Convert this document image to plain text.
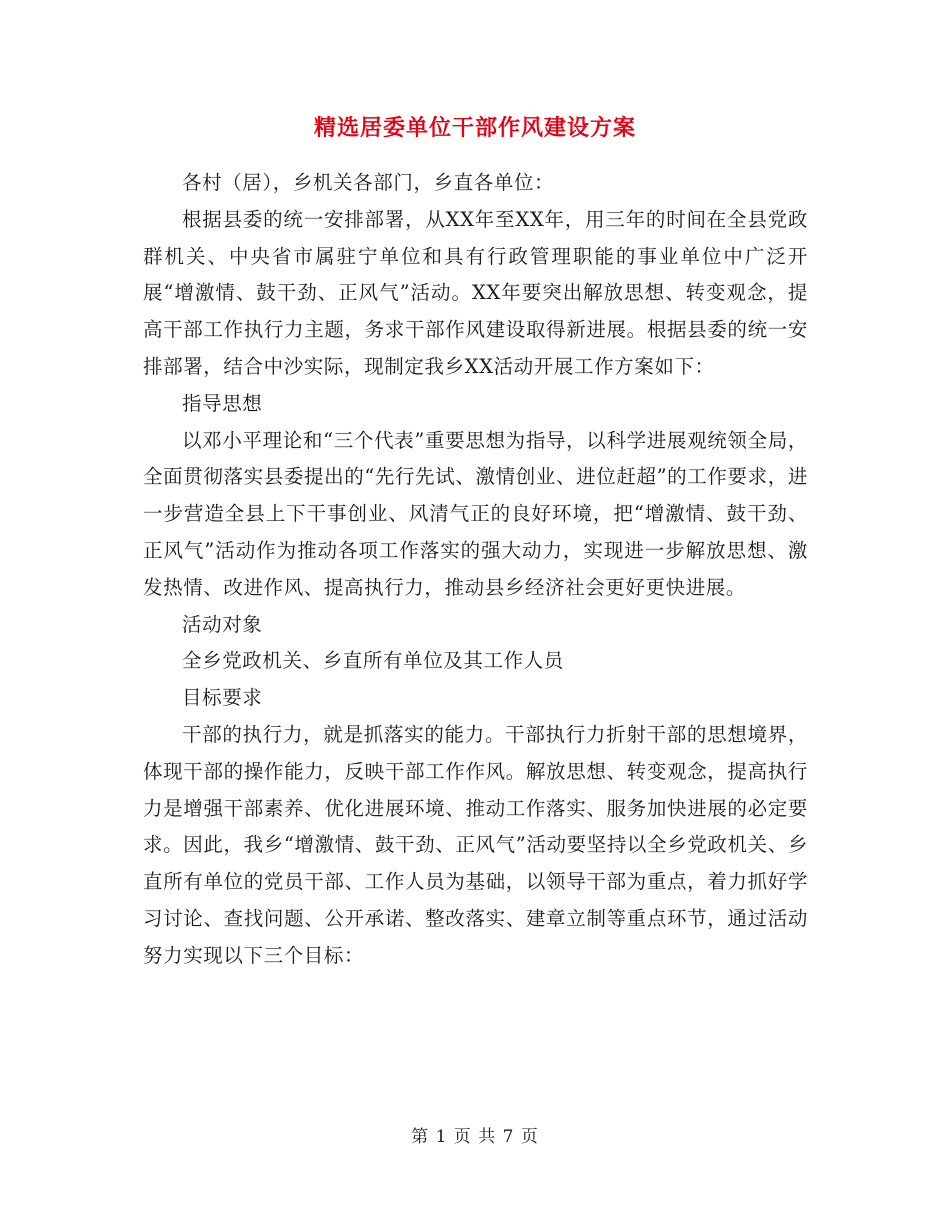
精选居委单位干部作风建设方案

各村（居），乡机关各部门，乡直各单位：

根据县委的统一安排部署，从XX年至XX年，用三年的时间在全县党政群机关、中央省市属驻宁单位和具有行政管理职能的事业单位中广泛开展“增激情、鼓干劲、正风气”活动。XX年要突出解放思想、转变观念，提高干部工作执行力主题，务求干部作风建设取得新进展。根据县委的统一安排部署，结合中沙实际，现制定我乡XX活动开展工作方案如下：

指导思想

以邓小平理论和“三个代表”重要思想为指导，以科学进展观统领全局，全面贯彻落实县委提出的“先行先试、激情创业、进位赶超”的工作要求，进一步营造全县上下干事创业、风清气正的良好环境，把“增激情、鼓干劲、正风气”活动作为推动各项工作落实的强大动力，实现进一步解放思想、激发热情、改进作风、提高执行力，推动县乡经济社会更好更快进展。

活动对象

全乡党政机关、乡直所有单位及其工作人员

目标要求

干部的执行力，就是抓落实的能力。干部执行力折射干部的思想境界，体现干部的操作能力，反映干部工作作风。解放思想、转变观念，提高执行力是增强干部素养、优化进展环境、推动工作落实、服务加快进展的必定要求。因此，我乡“增激情、鼓干劲、正风气”活动要坚持以全乡党政机关、乡直所有单位的党员干部、工作人员为基础，以领导干部为重点，着力抓好学习讨论、查找问题、公开承诺、整改落实、建章立制等重点环节，通过活动努力实现以下三个目标：

第 1 页 共 7 页
